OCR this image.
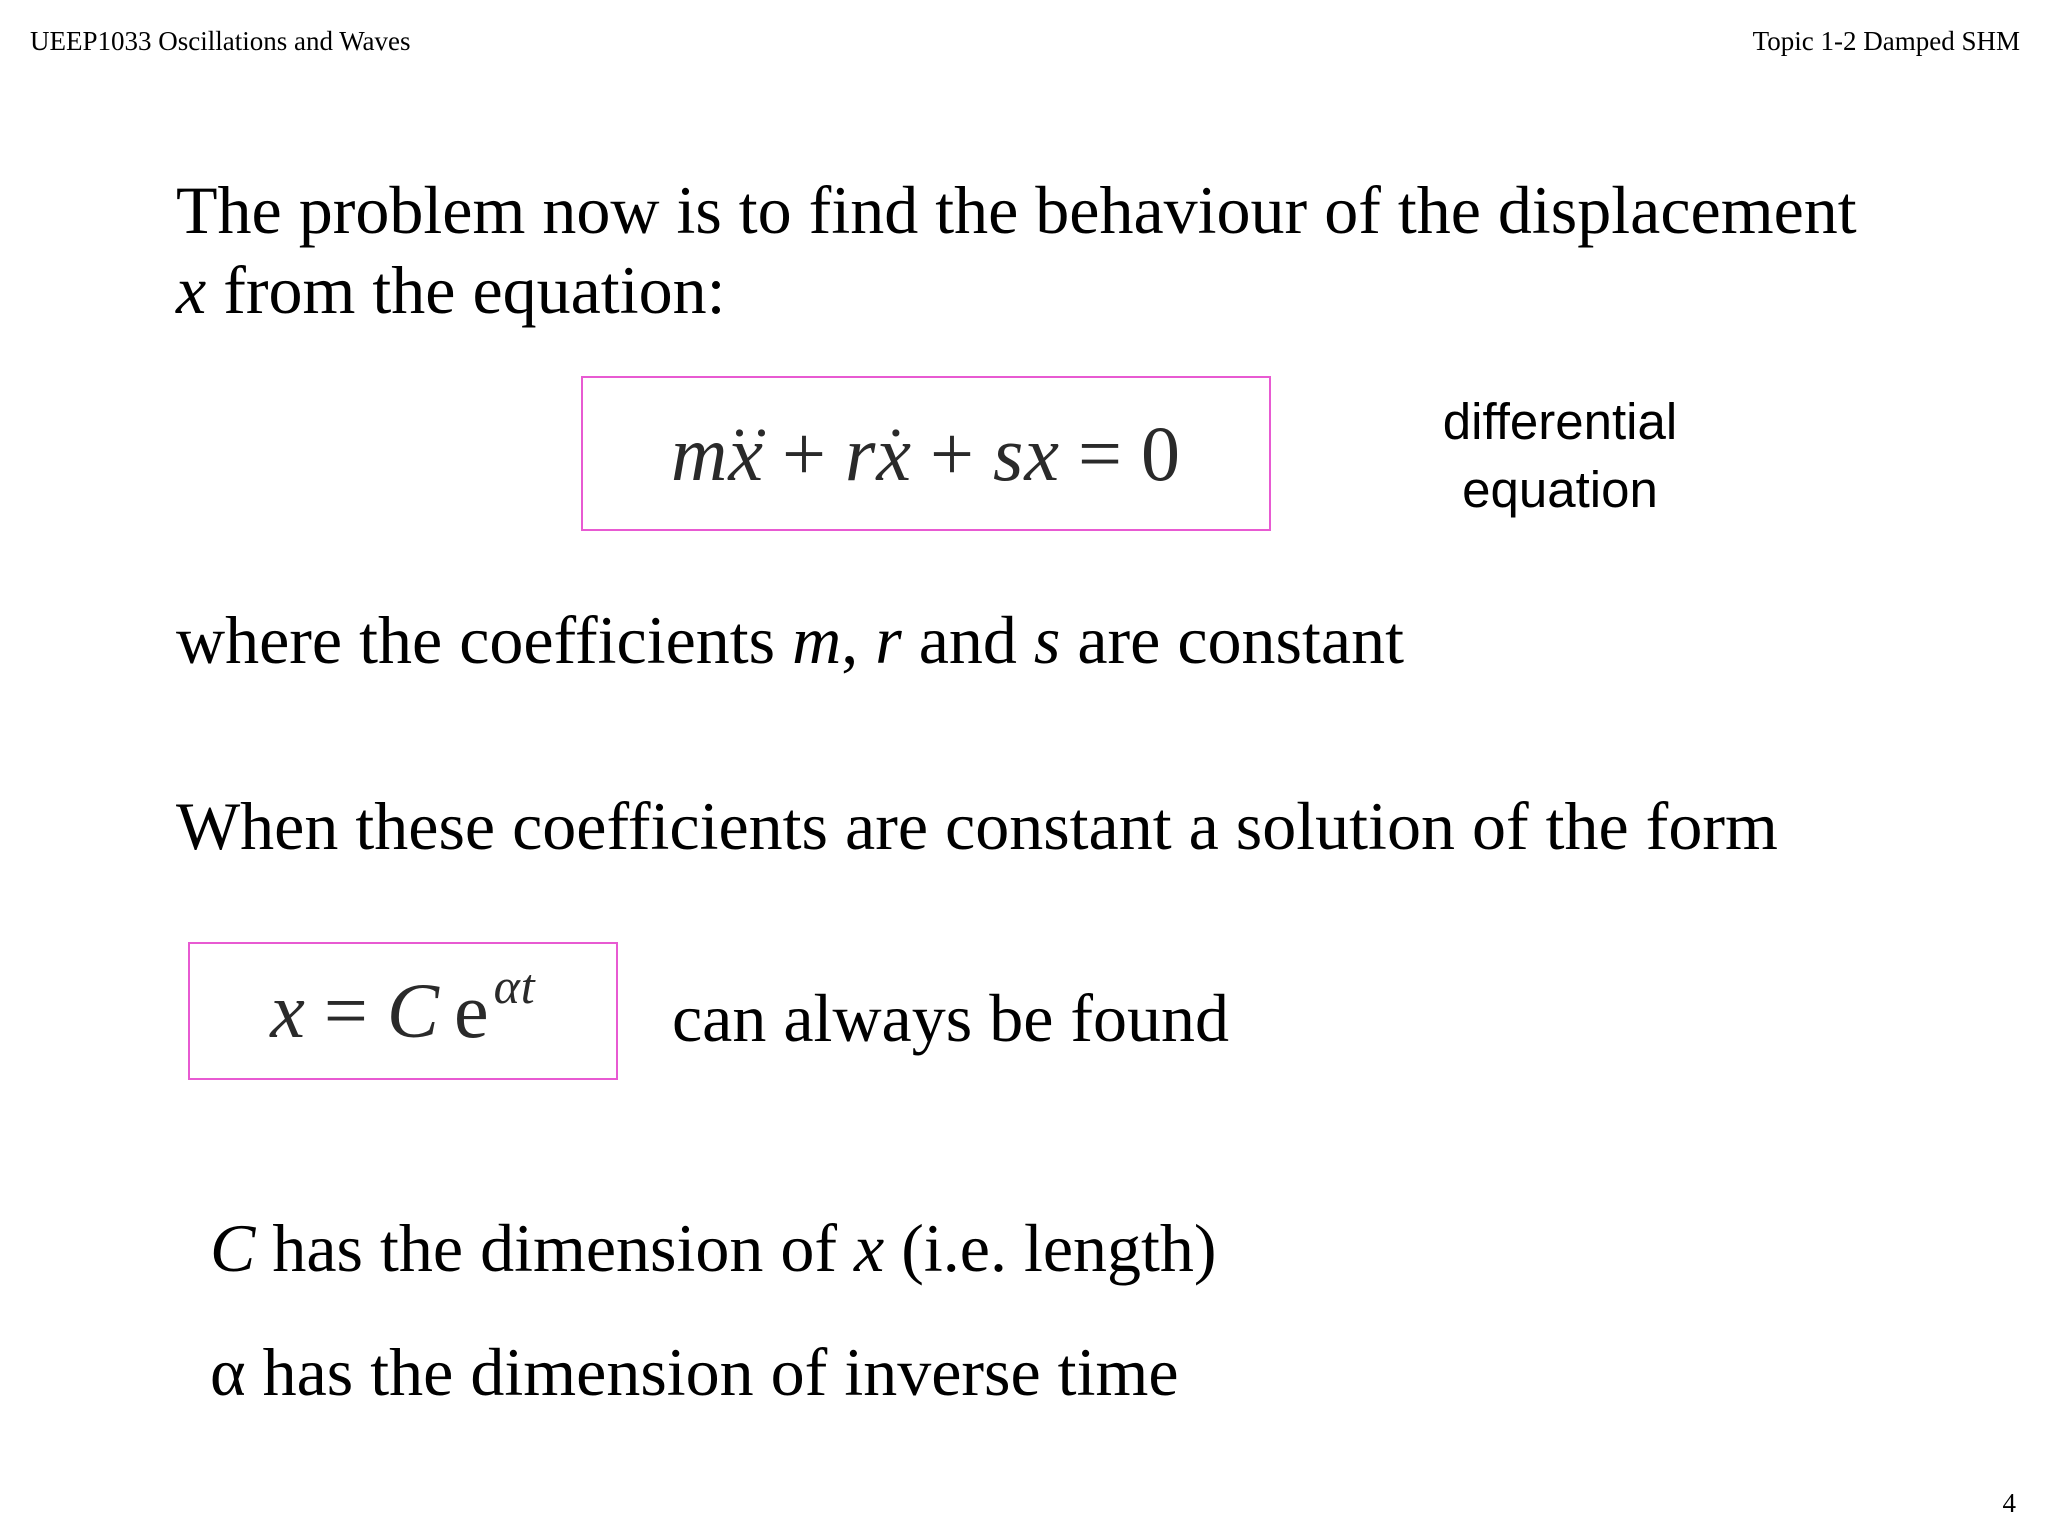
UEEP1033 Oscillations and Waves	Topic 1-2 Damped SHM
The problem now is to find the behaviour of the displacement
x from the equation:
mx ·· + rx · + sx = 0	differential
equation
where the coefficients m, r and s are constant
When these coefficients are constant a solution of the form
x = C $e^{\alpha t}$ can always be found
C has the dimension of x (i.e. length)
α has the dimension of inverse time
4
